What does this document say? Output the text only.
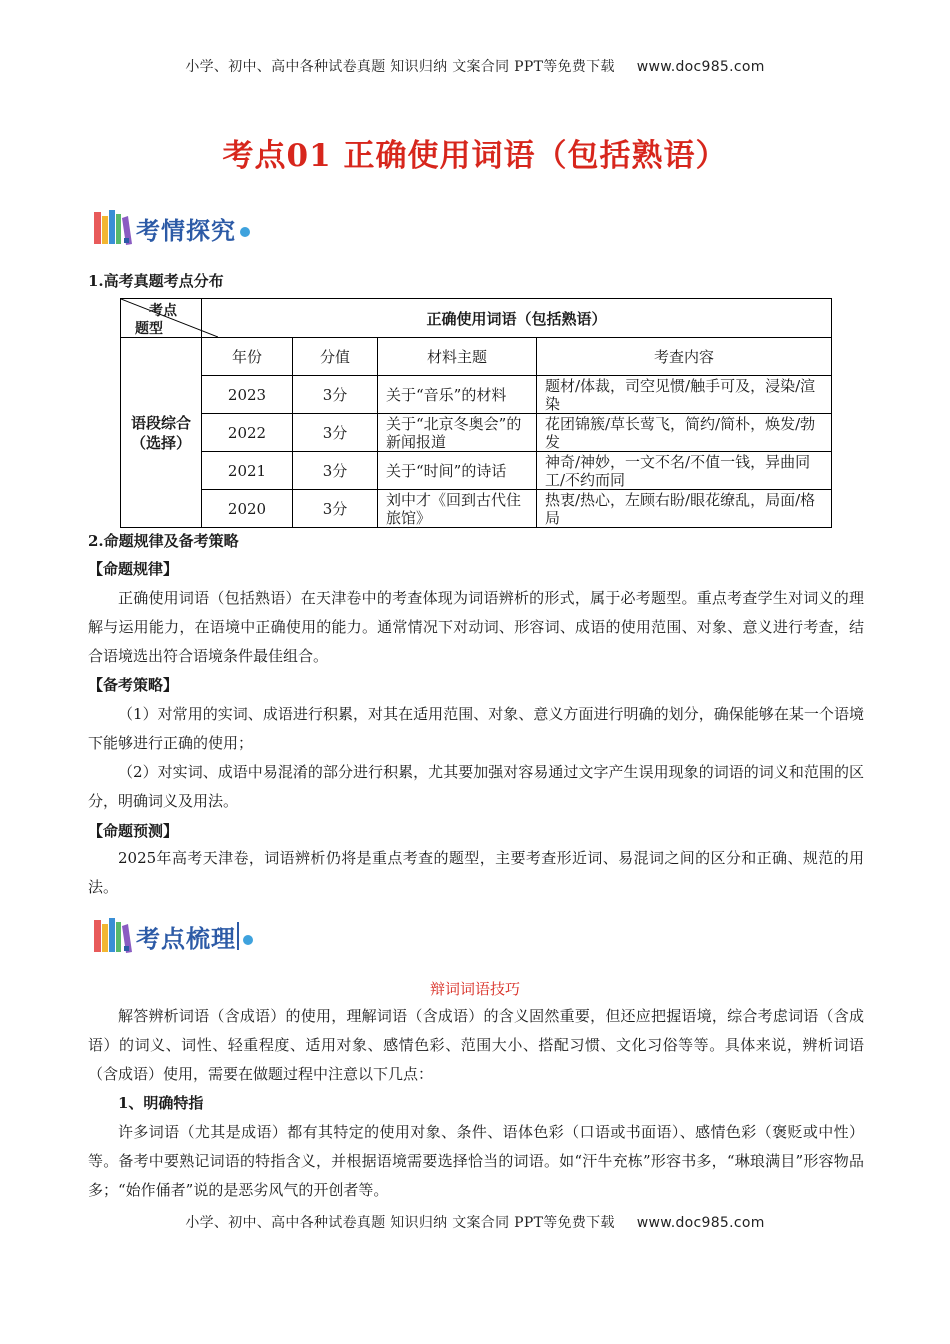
小学、初中、高中各种试卷真题 知识归纳 文案合同 PPT等免费下载 www.doc985.com
考点01 正确使用词语（包括熟语）
考情探究
1.高考真题考点分布
考点
题型	正确使用词语（包括熟语）			
语段综合
（选择）	年份	分值	材料主题	考查内容
	2023	3分	关于“音乐”的材料	题材/体裁，司空见惯/触手可及，浸染/渲染
	2022	3分	关于“北京冬奥会”的新闻报道	花团锦簇/草长莺飞，简约/简朴，焕发/勃发
	2021	3分	关于“时间”的诗话	神奇/神妙，一文不名/不值一钱，异曲同工/不约而同
	2020	3分	刘中才《回到古代住旅馆》	热衷/热心，左顾右盼/眼花缭乱，局面/格局
2.命题规律及备考策略
【命题规律】
正确使用词语（包括熟语）在天津卷中的考查体现为词语辨析的形式，属于必考题型。重点考查学生对词义的理解与运用能力，在语境中正确使用的能力。通常情况下对动词、形容词、成语的使用范围、对象、意义进行考查，结合语境选出符合语境条件最佳组合。
【备考策略】
（1）对常用的实词、成语进行积累，对其在适用范围、对象、意义方面进行明确的划分，确保能够在某一个语境下能够进行正确的使用；
（2）对实词、成语中易混淆的部分进行积累，尤其要加强对容易通过文字产生误用现象的词语的词义和范围的区分，明确词义及用法。
【命题预测】
2025年高考天津卷，词语辨析仍将是重点考查的题型，主要考查形近词、易混词之间的区分和正确、规范的用法。
考点梳理
辩词词语技巧
解答辨析词语（含成语）的使用，理解词语（含成语）的含义固然重要，但还应把握语境，综合考虑词语（含成语）的词义、词性、轻重程度、适用对象、感情色彩、范围大小、搭配习惯、文化习俗等等。具体来说，辨析词语（含成语）使用，需要在做题过程中注意以下几点：
1、明确特指
许多词语（尤其是成语）都有其特定的使用对象、条件、语体色彩（口语或书面语）、感情色彩（褒贬或中性）等。备考中要熟记词语的特指含义，并根据语境需要选择恰当的词语。如“汗牛充栋”形容书多，“琳琅满目”形容物品多；“始作俑者”说的是恶劣风气的开创者等。
小学、初中、高中各种试卷真题 知识归纳 文案合同 PPT等免费下载 www.doc985.com
